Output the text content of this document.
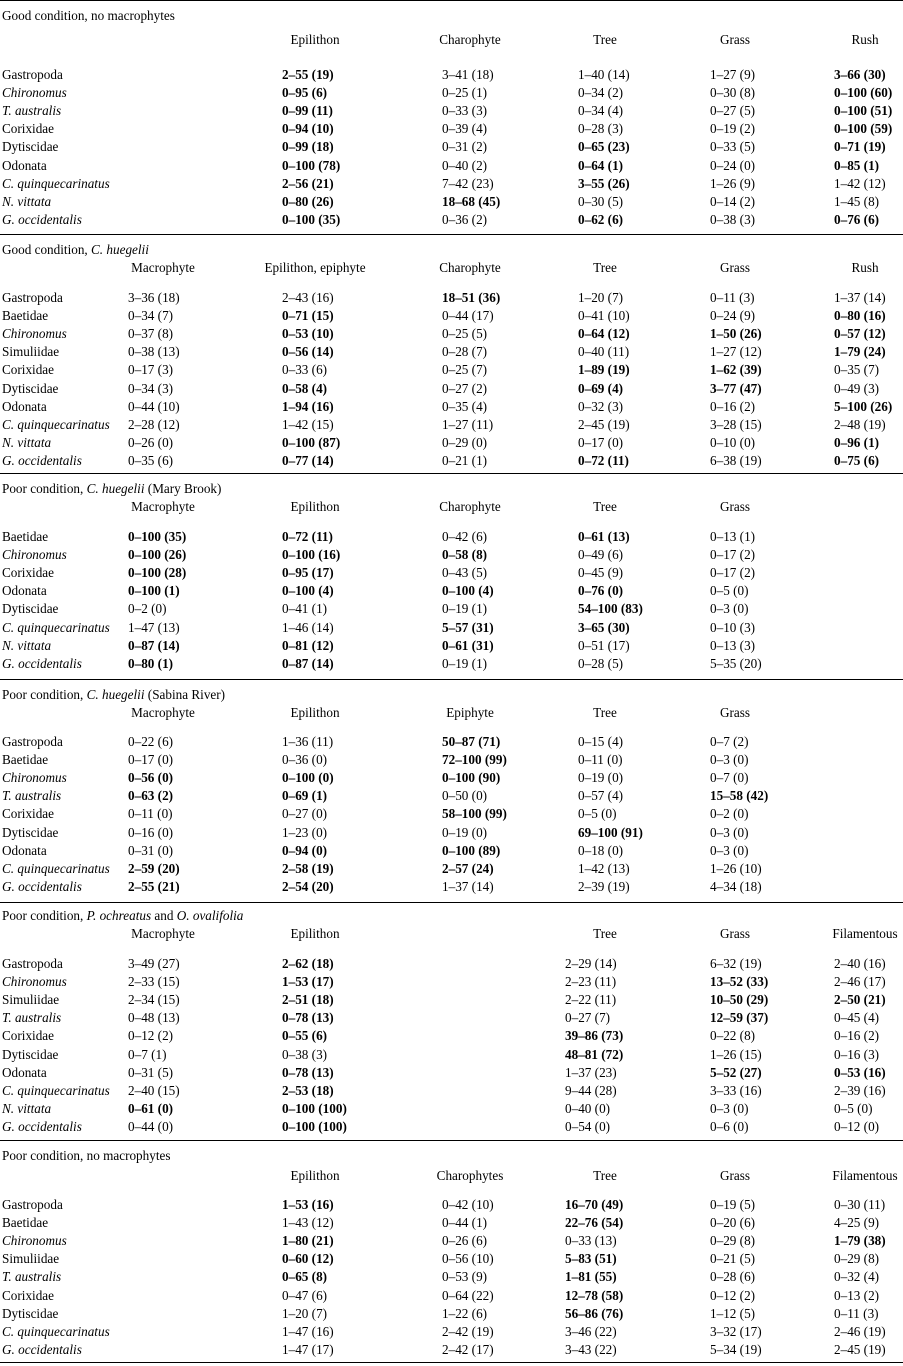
Good condition, no macrophytes
Epilithon	Charophyte	Tree	Grass	Rush
Gastropoda	2–55 (19)	3–41 (18)	1–40 (14)	1–27 (9)	3–66 (30)
Chironomus	0–95 (6)	0–25 (1)	0–34 (2)	0–30 (8)	0–100 (60)
T. australis	0–99 (11)	0–33 (3)	0–34 (4)	0–27 (5)	0–100 (51)
Corixidae	0–94 (10)	0–39 (4)	0–28 (3)	0–19 (2)	0–100 (59)
Dytiscidae	0–99 (18)	0–31 (2)	0–65 (23)	0–33 (5)	0–71 (19)
Odonata	0–100 (78)	0–40 (2)	0–64 (1)	0–24 (0)	0–85 (1)
C. quinquecarinatus	2–56 (21)	7–42 (23)	3–55 (26)	1–26 (9)	1–42 (12)
N. vittata	0–80 (26)	18–68 (45)	0–30 (5)	0–14 (2)	1–45 (8)
G. occidentalis	0–100 (35)	0–36 (2)	0–62 (6)	0–38 (3)	0–76 (6)
Good condition, C. huegelii
Macrophyte	Epilithon, epiphyte	Charophyte	Tree	Grass	Rush
Gastropoda	3–36 (18)	2–43 (16)	18–51 (36)	1–20 (7)	0–11 (3)	1–37 (14)
Baetidae	0–34 (7)	0–71 (15)	0–44 (17)	0–41 (10)	0–24 (9)	0–80 (16)
Chironomus	0–37 (8)	0–53 (10)	0–25 (5)	0–64 (12)	1–50 (26)	0–57 (12)
Simuliidae	0–38 (13)	0–56 (14)	0–28 (7)	0–40 (11)	1–27 (12)	1–79 (24)
Corixidae	0–17 (3)	0–33 (6)	0–25 (7)	1–89 (19)	1–62 (39)	0–35 (7)
Dytiscidae	0–34 (3)	0–58 (4)	0–27 (2)	0–69 (4)	3–77 (47)	0–49 (3)
Odonata	0–44 (10)	1–94 (16)	0–35 (4)	0–32 (3)	0–16 (2)	5–100 (26)
C. quinquecarinatus 2–28 (12)	1–42 (15)	1–27 (11)	2–45 (19)	3–28 (15)	2–48 (19)
N. vittata	0–26 (0)	0–100 (87)	0–29 (0)	0–17 (0)	0–10 (0)	0–96 (1)
G. occidentalis	0–35 (6)	0–77 (14)	0–21 (1)	0–72 (11)	6–38 (19)	0–75 (6)
Poor condition, C. huegelii (Mary Brook)
Macrophyte	Epilithon	Charophyte	Tree	Grass
Baetidae	0–100 (35)	0–72 (11)	0–42 (6)	0–61 (13)	0–13 (1)
Chironomus	0–100 (26)	0–100 (16)	0–58 (8)	0–49 (6)	0–17 (2)
Corixidae	0–100 (28)	0–95 (17)	0–43 (5)	0–45 (9)	0–17 (2)
Odonata	0–100 (1)	0–100 (4)	0–100 (4)	0–76 (0)	0–5 (0)
Dytiscidae	0–2 (0)	0–41 (1)	0–19 (1)	54–100 (83)	0–3 (0)
C. quinquecarinatus 1–47 (13)	1–46 (14)	5–57 (31)	3–65 (30)	0–10 (3)
N. vittata	0–87 (14)	0–81 (12)	0–61 (31)	0–51 (17)	0–13 (3)
G. occidentalis	0–80 (1)	0–87 (14)	0–19 (1)	0–28 (5)	5–35 (20)
Poor condition, C. huegelii (Sabina River)
Macrophyte	Epilithon	Epiphyte	Tree	Grass
Gastropoda	0–22 (6)	1–36 (11)	50–87 (71)	0–15 (4)	0–7 (2)
Baetidae	0–17 (0)	0–36 (0)	72–100 (99)	0–11 (0)	0–3 (0)
Chironomus	0–56 (0)	0–100 (0)	0–100 (90)	0–19 (0)	0–7 (0)
T. australis	0–63 (2)	0–69 (1)	0–50 (0)	0–57 (4)	15–58 (42)
Corixidae	0–11 (0)	0–27 (0)	58–100 (99)	0–5 (0)	0–2 (0)
Dytiscidae	0–16 (0)	1–23 (0)	0–19 (0)	69–100 (91)	0–3 (0)
Odonata	0–31 (0)	0–94 (0)	0–100 (89)	0–18 (0)	0–3 (0)
C. quinquecarinatus 2–59 (20)	2–58 (19)	2–57 (24)	1–42 (13)	1–26 (10)
G. occidentalis	2–55 (21)	2–54 (20)	1–37 (14)	2–39 (19)	4–34 (18)
Poor condition, P. ochreatus and O. ovalifolia
Macrophyte	Epilithon	Tree	Grass	Filamentous
Gastropoda	3–49 (27)	2–62 (18)	2–29 (14)	6–32 (19)	2–40 (16)
Chironomus	2–33 (15)	1–53 (17)	2–23 (11)	13–52 (33)	2–46 (17)
Simuliidae	2–34 (15)	2–51 (18)	2–22 (11)	10–50 (29)	2–50 (21)
T. australis	0–48 (13)	0–78 (13)	0–27 (7)	12–59 (37)	0–45 (4)
Corixidae	0–12 (2)	0–55 (6)	39–86 (73)	0–22 (8)	0–16 (2)
Dytiscidae	0–7 (1)	0–38 (3)	48–81 (72)	1–26 (15)	0–16 (3)
Odonata	0–31 (5)	0–78 (13)	1–37 (23)	5–52 (27)	0–53 (16)
C. quinquecarinatus 2–40 (15)	2–53 (18)	9–44 (28)	3–33 (16)	2–39 (16)
N. vittata	0–61 (0)	0–100 (100)	0–40 (0)	0–3 (0)	0–5 (0)
G. occidentalis	0–44 (0)	0–100 (100)	0–54 (0)	0–6 (0)	0–12 (0)
Poor condition, no macrophytes
Epilithon	Charophytes	Tree	Grass	Filamentous
Gastropoda	1–53 (16)	0–42 (10)	16–70 (49)	0–19 (5)	0–30 (11)
Baetidae	1–43 (12)	0–44 (1)	22–76 (54)	0–20 (6)	4–25 (9)
Chironomus	1–80 (21)	0–26 (6)	0–33 (13)	0–29 (8)	1–79 (38)
Simuliidae	0–60 (12)	0–56 (10)	5–83 (51)	0–21 (5)	0–29 (8)
T. australis	0–65 (8)	0–53 (9)	1–81 (55)	0–28 (6)	0–32 (4)
Corixidae	0–47 (6)	0–64 (22)	12–78 (58)	0–12 (2)	0–13 (2)
Dytiscidae	1–20 (7)	1–22 (6)	56–86 (76)	1–12 (5)	0–11 (3)
C. quinquecarinatus	1–47 (16)	2–42 (19)	3–46 (22)	3–32 (17)	2–46 (19)
G. occidentalis	1–47 (17)	2–42 (17)	3–43 (22)	5–34 (19)	2–45 (19)
